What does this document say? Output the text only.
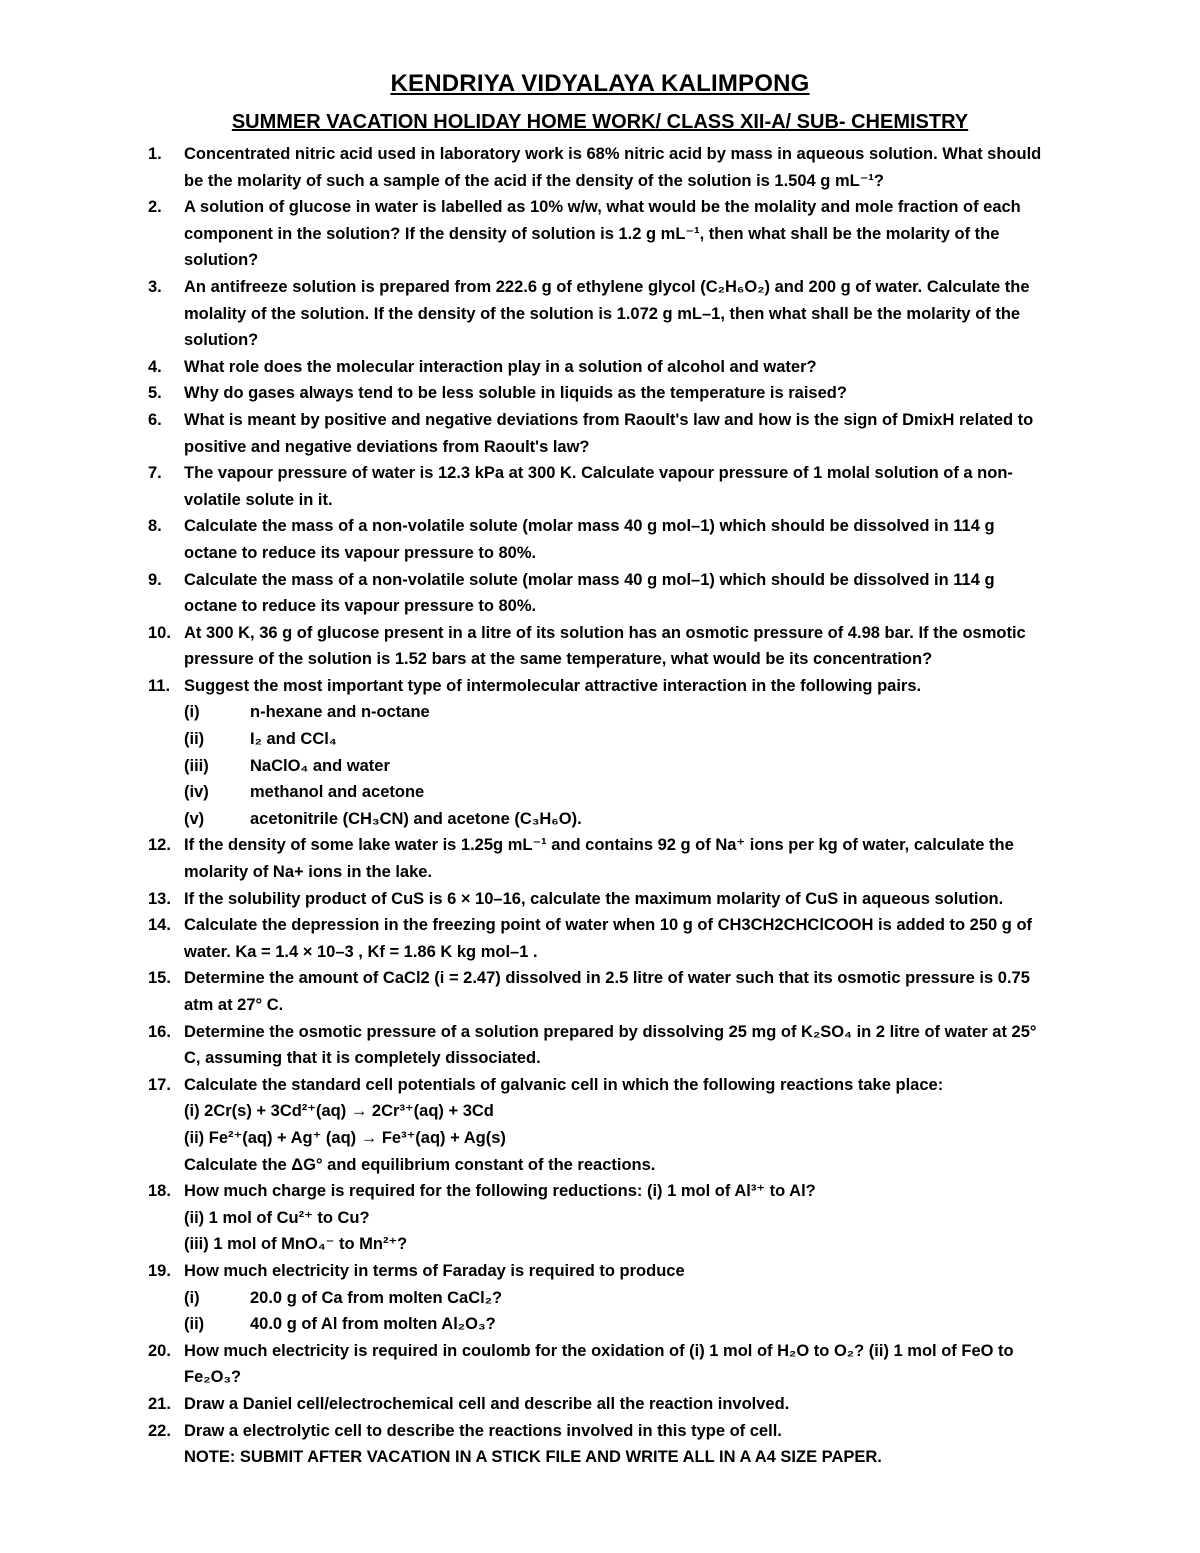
KENDRIYA VIDYALAYA KALIMPONG
SUMMER VACATION HOLIDAY HOME WORK/ CLASS XII-A/ SUB- CHEMISTRY
1.	Concentrated nitric acid used in laboratory work is 68% nitric acid by mass in aqueous solution. What should
be the molarity of such a sample of the acid if the density of the solution is 1.504 g mL⁻¹?
2.	A solution of glucose in water is labelled as 10% w/w, what would be the molality and mole fraction of each
component in the solution? If the density of solution is 1.2 g mL⁻¹, then what shall be the molarity of the
solution?
3.	An antifreeze solution is prepared from 222.6 g of ethylene glycol (C₂H₆O₂) and 200 g of water. Calculate the
molality of the solution. If the density of the solution is 1.072 g mL–1, then what shall be the molarity of the
solution?
4.	What role does the molecular interaction play in a solution of alcohol and water?
5.	Why do gases always tend to be less soluble in liquids as the temperature is raised?
6.	What is meant by positive and negative deviations from Raoult's law and how is the sign of DmixH related to
positive and negative deviations from Raoult's law?
7.	The vapour pressure of water is 12.3 kPa at 300 K. Calculate vapour pressure of 1 molal solution of a non-
volatile solute in it.
8.	Calculate the mass of a non-volatile solute (molar mass 40 g mol–1) which should be dissolved in 114 g
octane to reduce its vapour pressure to 80%.
9.	Calculate the mass of a non-volatile solute (molar mass 40 g mol–1) which should be dissolved in 114 g
octane to reduce its vapour pressure to 80%.
10. At 300 K, 36 g of glucose present in a litre of its solution has an osmotic pressure of 4.98 bar. If the osmotic
pressure of the solution is 1.52 bars at the same temperature, what would be its concentration?
11. Suggest the most important type of intermolecular attractive interaction in the following pairs.
(i)	n-hexane and n-octane
(ii)	I₂ and CCl₄
(iii)	NaClO₄ and water
(iv)	methanol and acetone
(v)	acetonitrile (CH₃CN) and acetone (C₃H₆O).
12. If the density of some lake water is 1.25g mL⁻¹ and contains 92 g of Na⁺ ions per kg of water, calculate the
molarity of Na+ ions in the lake.
13. If the solubility product of CuS is 6 × 10–16, calculate the maximum molarity of CuS in aqueous solution.
14. Calculate the depression in the freezing point of water when 10 g of CH3CH2CHClCOOH is added to 250 g of
water. Ka = 1.4 × 10–3 , Kf = 1.86 K kg mol–1 .
15. Determine the amount of CaCl2 (i = 2.47) dissolved in 2.5 litre of water such that its osmotic pressure is 0.75
atm at 27° C.
16. Determine the osmotic pressure of a solution prepared by dissolving 25 mg of K₂SO₄ in 2 litre of water at 25°
C, assuming that it is completely dissociated.
17. Calculate the standard cell potentials of galvanic cell in which the following reactions take place:
(i) 2Cr(s) + 3Cd²⁺(aq) → 2Cr³⁺(aq) + 3Cd
(ii) Fe²⁺(aq) + Ag⁺ (aq) → Fe³⁺(aq) + Ag(s)
Calculate the ΔG° and equilibrium constant of the reactions.
18. How much charge is required for the following reductions: (i) 1 mol of Al³⁺ to Al?
(ii) 1 mol of Cu²⁺ to Cu?
(iii) 1 mol of MnO₄⁻ to Mn²⁺?
19. How much electricity in terms of Faraday is required to produce
(i)	20.0 g of Ca from molten CaCl₂?
(ii)	40.0 g of Al from molten Al₂O₃?
20. How much electricity is required in coulomb for the oxidation of (i) 1 mol of H₂O to O₂? (ii) 1 mol of FeO to
Fe₂O₃?
21. Draw a Daniel cell/electrochemical cell and describe all the reaction involved.
22. Draw a electrolytic cell to describe the reactions involved in this type of cell.
NOTE: SUBMIT AFTER VACATION IN A STICK FILE AND WRITE ALL IN A A4 SIZE PAPER.
